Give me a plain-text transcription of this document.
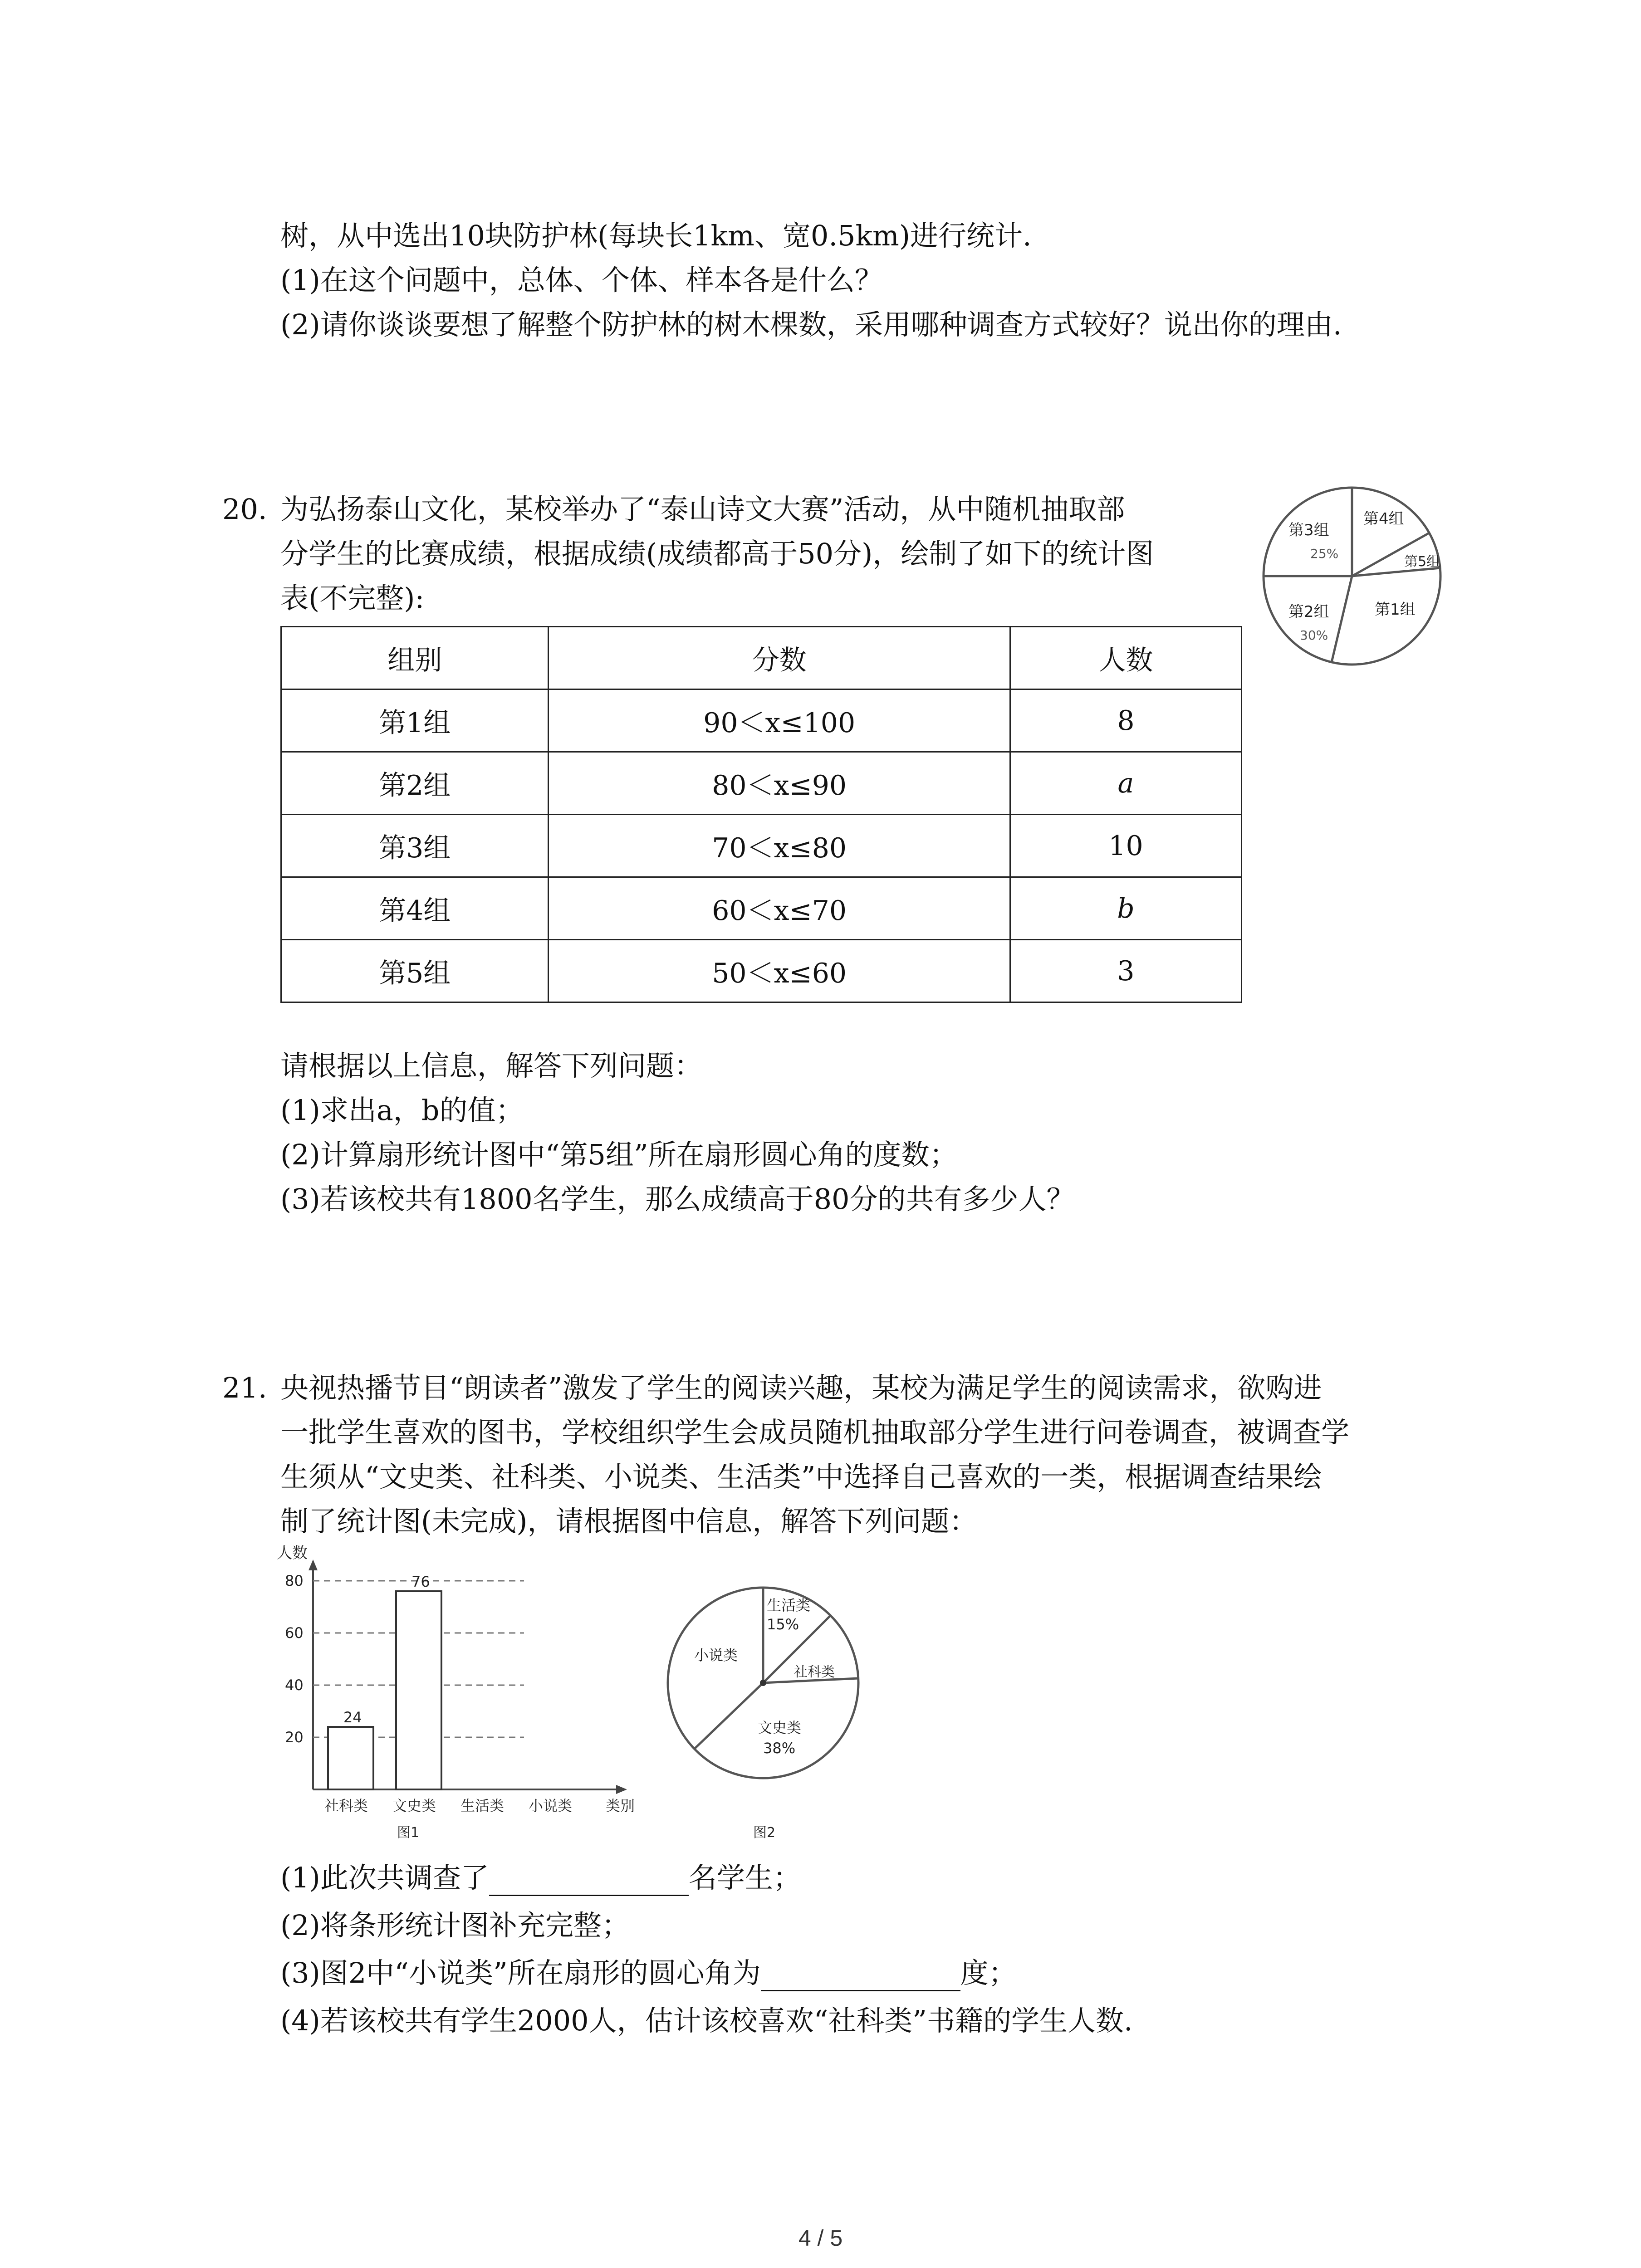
树，从中选出10块防护林(每块长1km、宽0.5km)进行统计.
(1)在这个问题中，总体、个体、样本各是什么？
(2)请你谈谈要想了解整个防护林的树木棵数，采用哪种调查方式较好？说出你的理由.
20. 为弘扬泰山文化，某校举办了“泰山诗文大赛”活动，从中随机抽取部
分学生的比赛成绩，根据成绩(成绩都高于50分)，绘制了如下的统计图
表(不完整):
组别	分数	人数
第1组	90＜x≤100	8
第2组	80＜x≤90	a
第3组	70＜x≤80	10
第4组	60＜x≤70	b
第5组	50＜x≤60	3
第3组
25%
第4组
第5组
第2组
30%
第1组
请根据以上信息，解答下列问题：
(1)求出a，b的值；
(2)计算扇形统计图中“第5组”所在扇形圆心角的度数；
(3)若该校共有1800名学生，那么成绩高于80分的共有多少人？
21. 央视热播节目“朗读者”激发了学生的阅读兴趣，某校为满足学生的阅读需求，欲购进
一批学生喜欢的图书，学校组织学生会成员随机抽取部分学生进行问卷调查，被调查学
生须从“文史类、社科类、小说类、生活类”中选择自己喜欢的一类，根据调查结果绘
制了统计图(未完成)，请根据图中信息，解答下列问题：
人数
20
40
60
80
24
76
社科类 文史类 生活类 小说类 类别
图1
生活类
15%
小说类
社科类
文史类
38%
图2
(1)此次共调查了	名学生；
(2)将条形统计图补充完整；
(3)图2中“小说类”所在扇形的圆心角为	度；
(4)若该校共有学生2000人，估计该校喜欢“社科类”书籍的学生人数.
4 / 5
